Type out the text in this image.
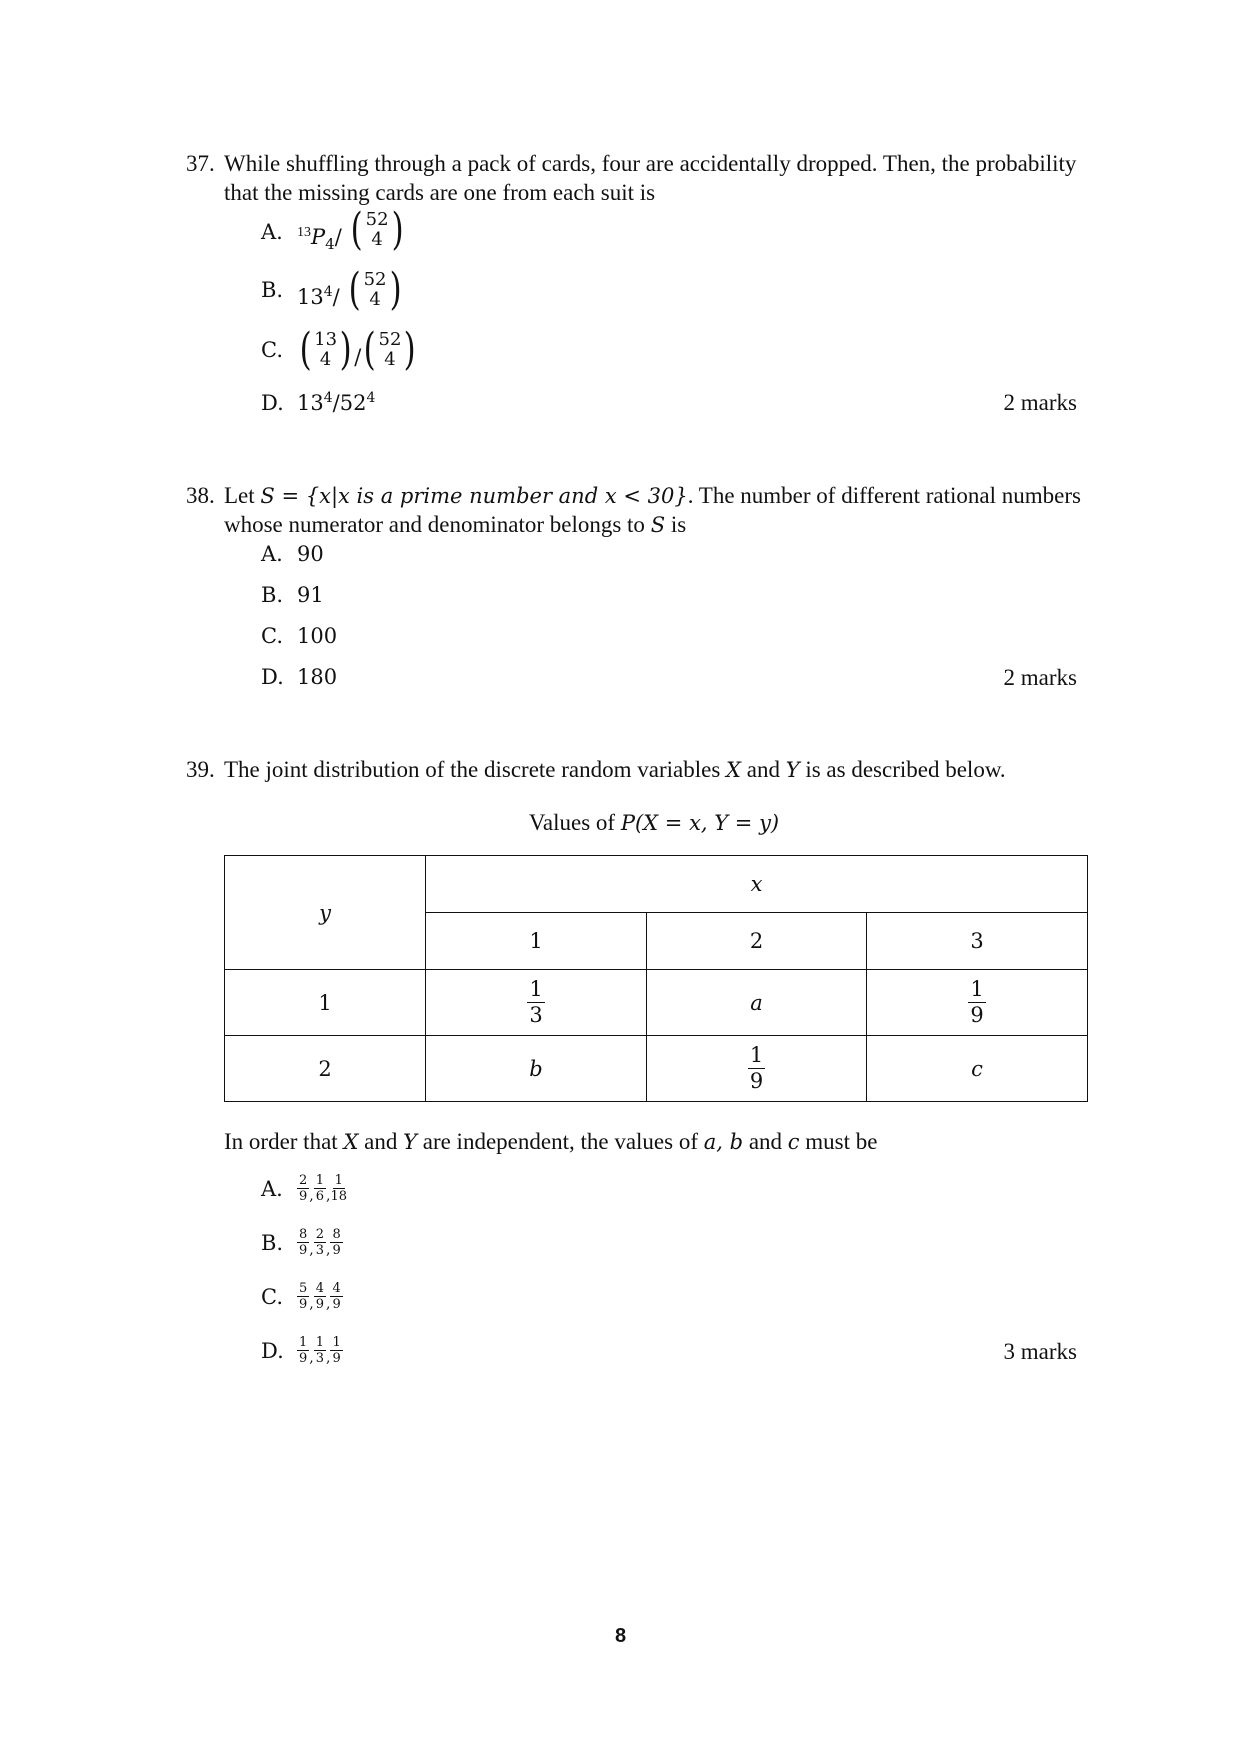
37. While shuffling through a pack of cards, four are accidentally dropped. Then, the probability
that the missing cards are one from each suit is
A.	$^{13}P_4/$ ( 52
4 )
B. $13^4/$ ( 52
4 )
C. ( 13
4 ) / ( 52
4 )
D. $13^4/52^4$	2 marks
38. Let S = {x|x is a prime number and x < 30}. The number of different rational numbers
whose numerator and denominator belongs to S is
A. 90
B. 91
C. 100
D. 180	2 marks
39. The joint distribution of the discrete random variables X and Y is as described below.
Values of P(X = x, Y = y)
y	x		
	1	2	3
1	$\frac{1}{3}$	a	$\frac{1}{9}$

2	b	$\frac{1}{9}$	c
In order that X and Y are independent, the values of a, b and c must be
A.	$\frac{2}{9}$ , $\frac{1}{6}$ , $\frac{1}{18}$
B.	$\frac{8}{9}$ , $\frac{2}{3}$ , $\frac{8}{9}$
C.	$\frac{5}{9}$ , $\frac{4}{9}$ , $\frac{4}{9}$
D.	$\frac{1}{9}$ , $\frac{1}{3}$ , $\frac{1}{9}$	3 marks
8
